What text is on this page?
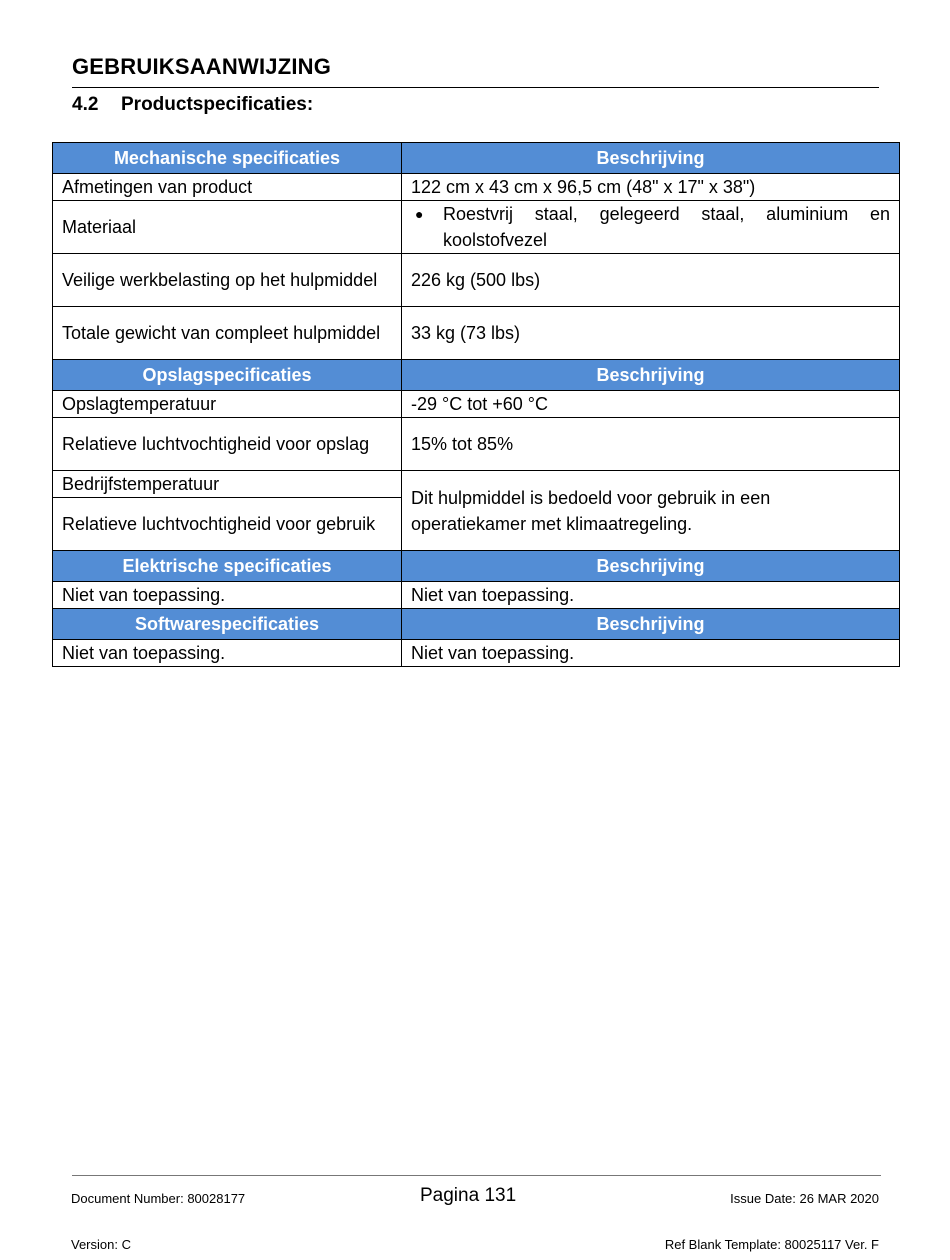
GEBRUIKSAANWIJZING
4.2 Productspecificaties:
Mechanische specificaties	Beschrijving
Afmetingen van product	122 cm x 43 cm x 96,5 cm (48" x 17" x 38")
Materiaal	● Roestvrij staal, gelegeerd staal, aluminium en
koolstofvezel

Veilige werkbelasting op het hulpmiddel	226 kg (500 lbs)
Totale gewicht van compleet hulpmiddel	33 kg (73 lbs)
Opslagspecificaties	Beschrijving
Opslagtemperatuur	-29 °C tot +60 °C
Relatieve luchtvochtigheid voor opslag	15% tot 85%
Bedrijfstemperatuur	Dit hulpmiddel is bedoeld voor gebruik in een operatiekamer met klimaatregeling.
Relatieve luchtvochtigheid voor gebruik	
Elektrische specificaties	Beschrijving
Niet van toepassing.	Niet van toepassing.
Softwarespecificaties	Beschrijving
Niet van toepassing.	Niet van toepassing.
Document Number: 80028177	Pagina 131	Issue Date: 26 MAR 2020
Version: C	Ref Blank Template: 80025117 Ver. F
